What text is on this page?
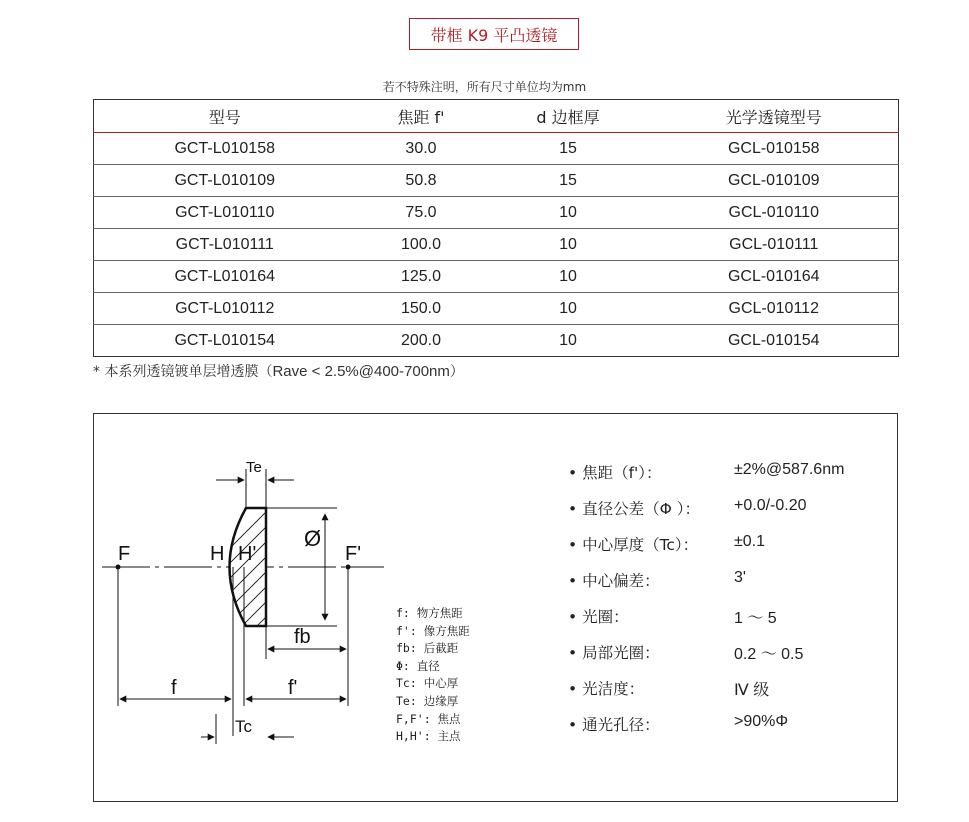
带框 K9 平凸透镜
若不特殊注明，所有尺寸单位均为mm
型号	焦距 f'	d 边框厚	光学透镜型号
GCT-L010158	30.0	15	GCL-010158
GCT-L010109	50.8	15	GCL-010109
GCT-L010110	75.0	10	GCL-010110
GCT-L010111	100.0	10	GCL-010111
GCT-L010164	125.0	10	GCL-010164
GCT-L010112	150.0	10	GCL-010112
GCT-L010154	200.0	10	GCL-010154
* 本系列透镜镀单层增透膜（Rave < 2.5%@400-700nm）
Te
Ø
F	H H'	F'
fb
f	f'
Tc
f: 物方焦距
f': 像方焦距
fb: 后截距
Φ: 直径
Tc: 中心厚
Te: 边缘厚
F,F': 焦点
H,H': 主点
• 焦距（f'）：	±2%@587.6nm
• 直径公差（Φ ）： +0.0/-0.20
• 中心厚度（Tc）： ±0.1
• 中心偏差：	3'
• 光圈：	1 ～ 5
• 局部光圈：	0.2 ～ 0.5
• 光洁度：	Ⅳ 级
• 通光孔径：	>90%Φ
